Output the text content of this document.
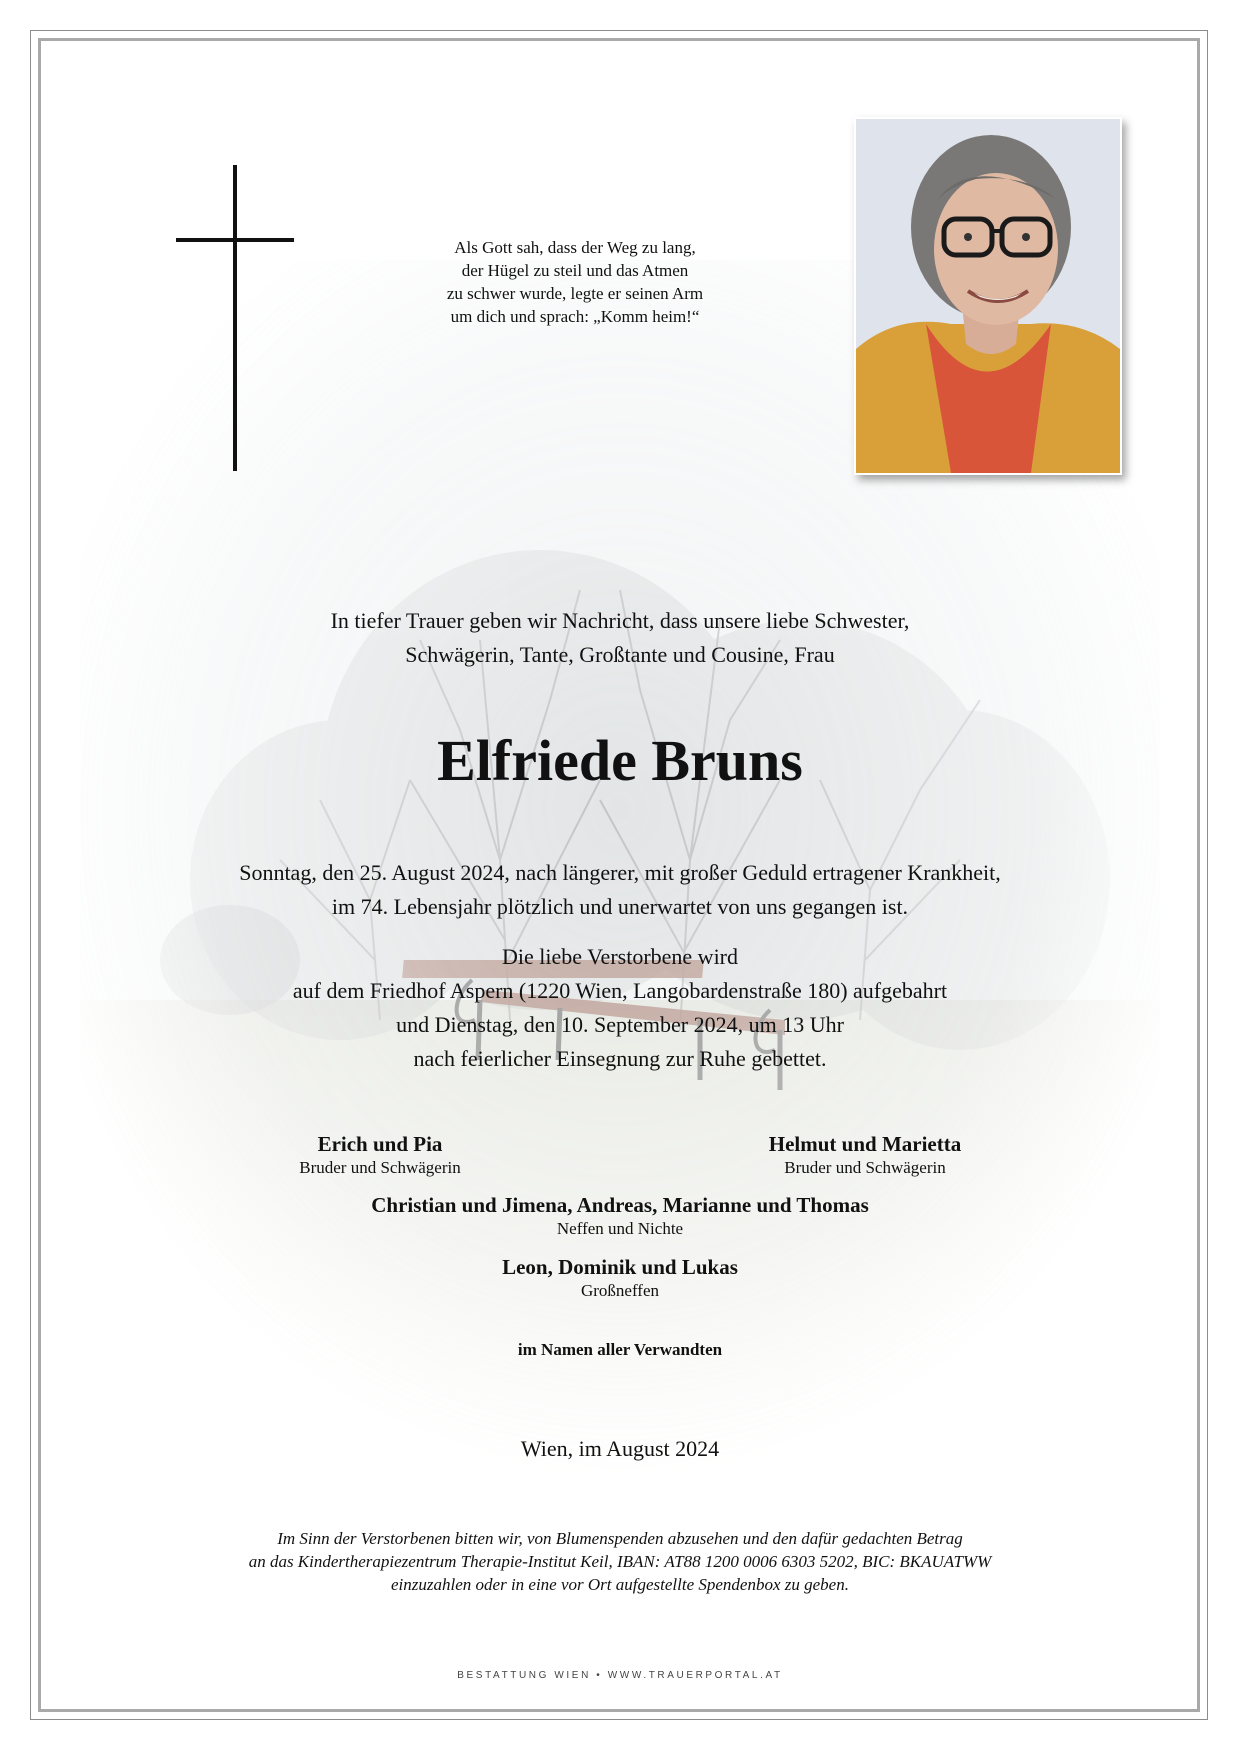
Als Gott sah, dass der Weg zu lang,
der Hügel zu steil und das Atmen
zu schwer wurde, legte er seinen Arm
um dich und sprach: „Komm heim!“
In tiefer Trauer geben wir Nachricht, dass unsere liebe Schwester,
Schwägerin, Tante, Großtante und Cousine, Frau
Elfriede Bruns
Sonntag, den 25. August 2024, nach längerer, mit großer Geduld ertragener Krankheit,
im 74. Lebensjahr plötzlich und unerwartet von uns gegangen ist.
Die liebe Verstorbene wird
auf dem Friedhof Aspern (1220 Wien, Langobardenstraße 180) aufgebahrt
und Dienstag, den 10. September 2024, um 13 Uhr
nach feierlicher Einsegnung zur Ruhe gebettet.
Erich und Pia
Bruder und Schwägerin
Helmut und Marietta
Bruder und Schwägerin
Christian und Jimena, Andreas, Marianne und Thomas
Neffen und Nichte
Leon, Dominik und Lukas
Großneffen
im Namen aller Verwandten
Wien, im August 2024
Im Sinn der Verstorbenen bitten wir, von Blumenspenden abzusehen und den dafür gedachten Betrag
an das Kindertherapiezentrum Therapie-Institut Keil, IBAN: AT88 1200 0006 6303 5202, BIC: BKAUATWW
einzuzahlen oder in eine vor Ort aufgestellte Spendenbox zu geben.
BESTATTUNG WIEN • WWW.TRAUERPORTAL.AT
